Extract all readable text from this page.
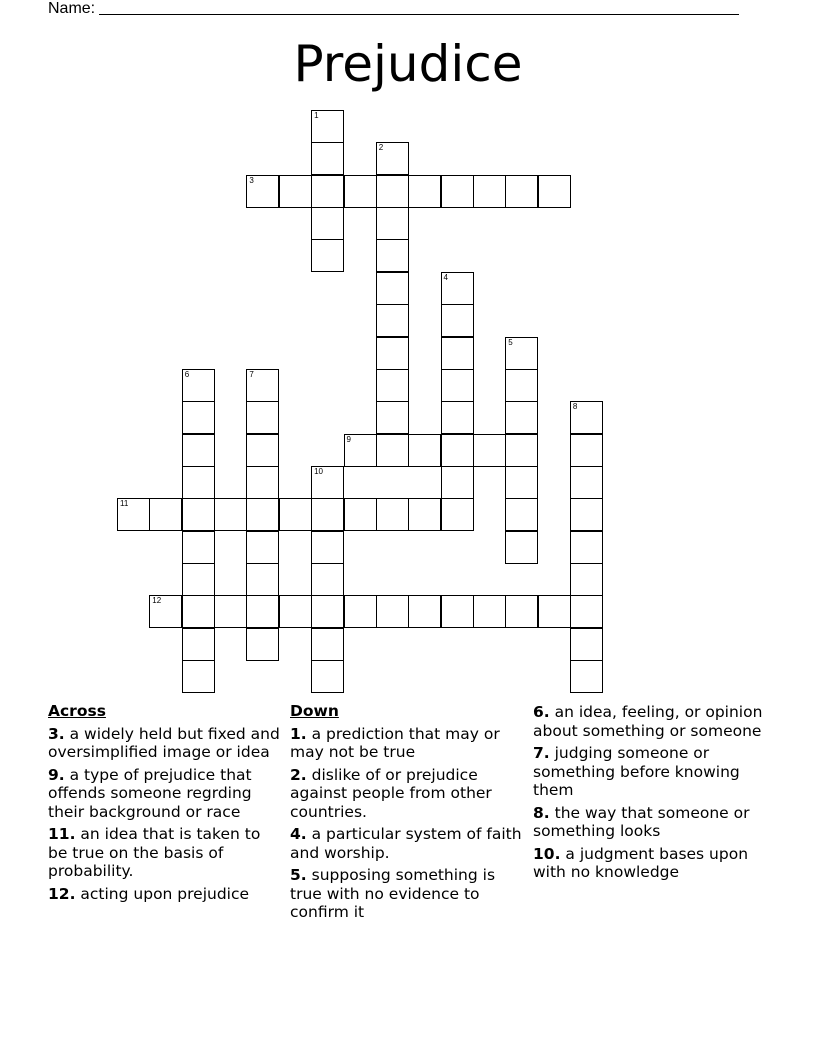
Name:
Prejudice
1
2
3
4
5
6	7
8
9
10
11
12
Across
3. a widely held but fixed and oversimplified image or idea
9. a type of prejudice that offends someone regrding their background or race
11. an idea that is taken to be true on the basis of probability.
12. acting upon prejudice
Down
1. a prediction that may or may not be true
2. dislike of or prejudice against people from other countries.
4. a particular system of faith and worship.
5. supposing something is true with no evidence to confirm it
6. an idea, feeling, or opinion about something or someone
7. judging someone or something before knowing them
8. the way that someone or something looks
10. a judgment bases upon with no knowledge
